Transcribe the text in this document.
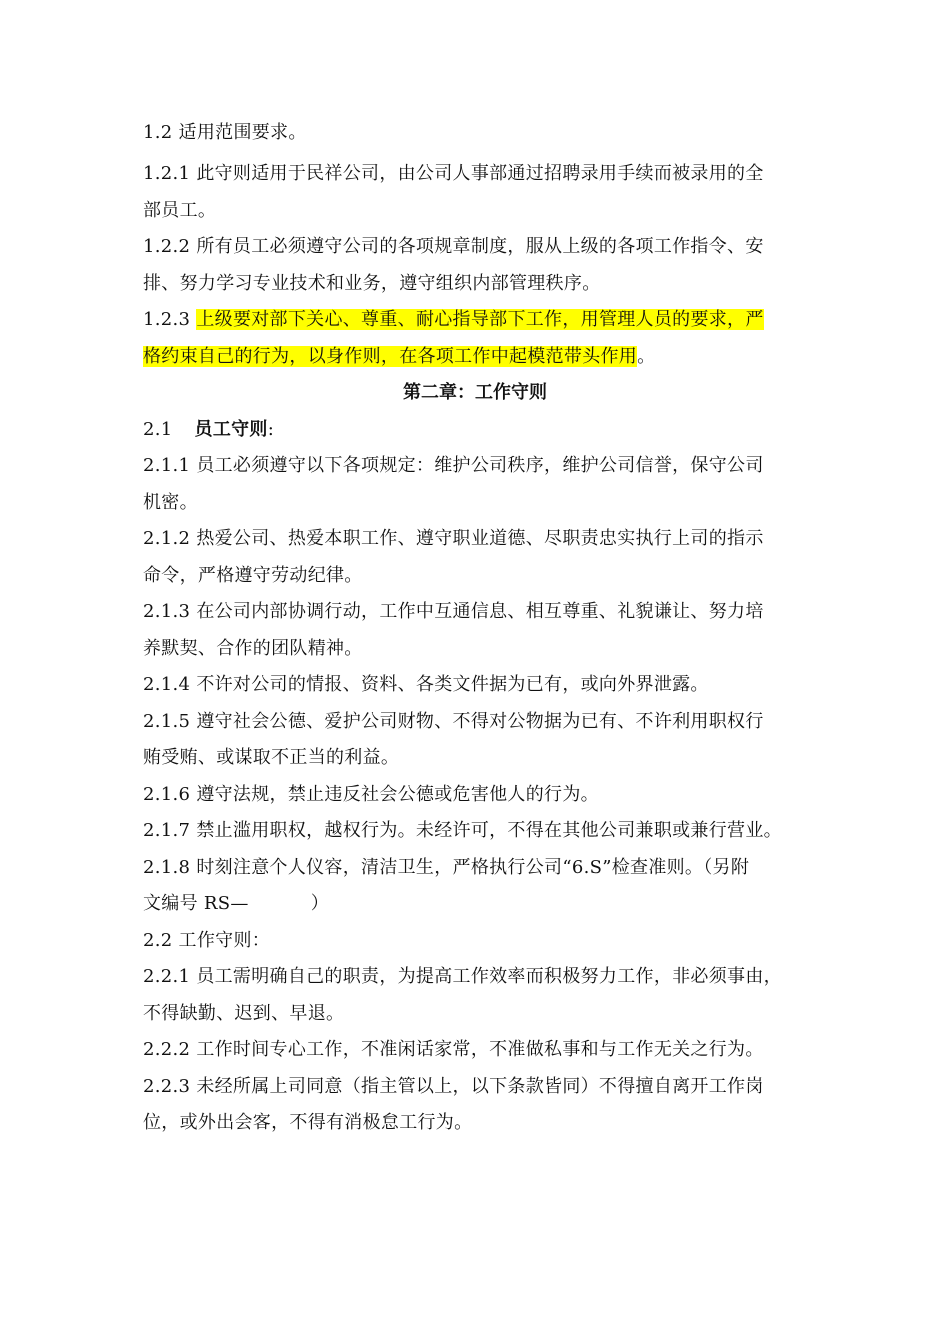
1.2 适用范围要求。
1.2.1 此守则适用于民祥公司，由公司人事部通过招聘录用手续而被录用的全
部员工。
1.2.2 所有员工必须遵守公司的各项规章制度，服从上级的各项工作指令、安
排、努力学习专业技术和业务，遵守组织内部管理秩序。
1.2.3 上级要对部下关心、尊重、耐心指导部下工作，用管理人员的要求，严
格约束自己的行为，以身作则，在各项工作中起模范带头作用。
第二章：工作守则
2.1 员工守则:
2.1.1 员工必须遵守以下各项规定：维护公司秩序，维护公司信誉，保守公司
机密。
2.1.2 热爱公司、热爱本职工作、遵守职业道德、尽职责忠实执行上司的指示
命令，严格遵守劳动纪律。
2.1.3 在公司内部协调行动，工作中互通信息、相互尊重、礼貌谦让、努力培
养默契、合作的团队精神。
2.1.4 不许对公司的情报、资料、各类文件据为已有，或向外界泄露。
2.1.5 遵守社会公德、爱护公司财物、不得对公物据为已有、不许利用职权行
贿受贿、或谋取不正当的利益。
2.1.6 遵守法规，禁止违反社会公德或危害他人的行为。
2.1.7 禁止滥用职权，越权行为。未经许可，不得在其他公司兼职或兼行营业。
2.1.8 时刻注意个人仪容，清洁卫生，严格执行公司“6.S”检查准则。（另附
文编号 RS—	）
2.2 工作守则：
2.2.1 员工需明确自己的职责，为提高工作效率而积极努力工作，非必须事由，
不得缺勤、迟到、早退。
2.2.2 工作时间专心工作，不准闲话家常，不准做私事和与工作无关之行为。
2.2.3 未经所属上司同意（指主管以上，以下条款皆同）不得擅自离开工作岗
位，或外出会客，不得有消极怠工行为。
